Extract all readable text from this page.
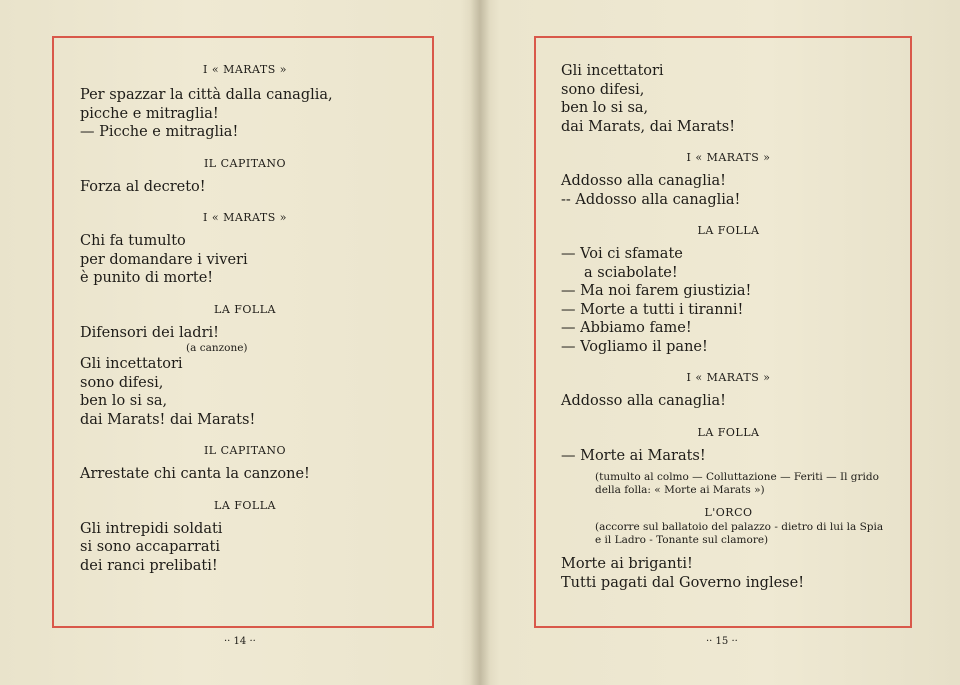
I « MARATS »

Per spazzar la città dalla canaglia,

picche e mitraglia!

— Picche e mitraglia!

IL CAPITANO

Forza al decreto!

I « MARATS »

Chi fa tumulto

per domandare i viveri

è punito di morte!

LA FOLLA

Difensori dei ladri!

(a canzone)

Gli incettatori

sono difesi,

ben lo si sa,

dai Marats! dai Marats!

IL CAPITANO

Arrestate chi canta la canzone!

LA FOLLA

Gli intrepidi soldati

si sono accaparrati

dei ranci prelibati!

Gli incettatori

sono difesi,

ben lo si sa,

dai Marats, dai Marats!

I « MARATS »

Addosso alla canaglia!

-- Addosso alla canaglia!

LA FOLLA

— Voi ci sfamate

a sciabolate!

— Ma noi farem giustizia!

— Morte a tutti i tiranni!

— Abbiamo fame!

— Vogliamo il pane!

I « MARATS »

Addosso alla canaglia!

LA FOLLA

— Morte ai Marats!

(tumulto al colmo — Colluttazione — Feriti — Il grido della folla: « Morte ai Marats »)

L'ORCO

(accorre sul ballatoio del palazzo - dietro di lui la Spia e il Ladro - Tonante sul clamore)

Morte ai briganti!

Tutti pagati dal Governo inglese!

·· 14 ··	·· 15 ··
